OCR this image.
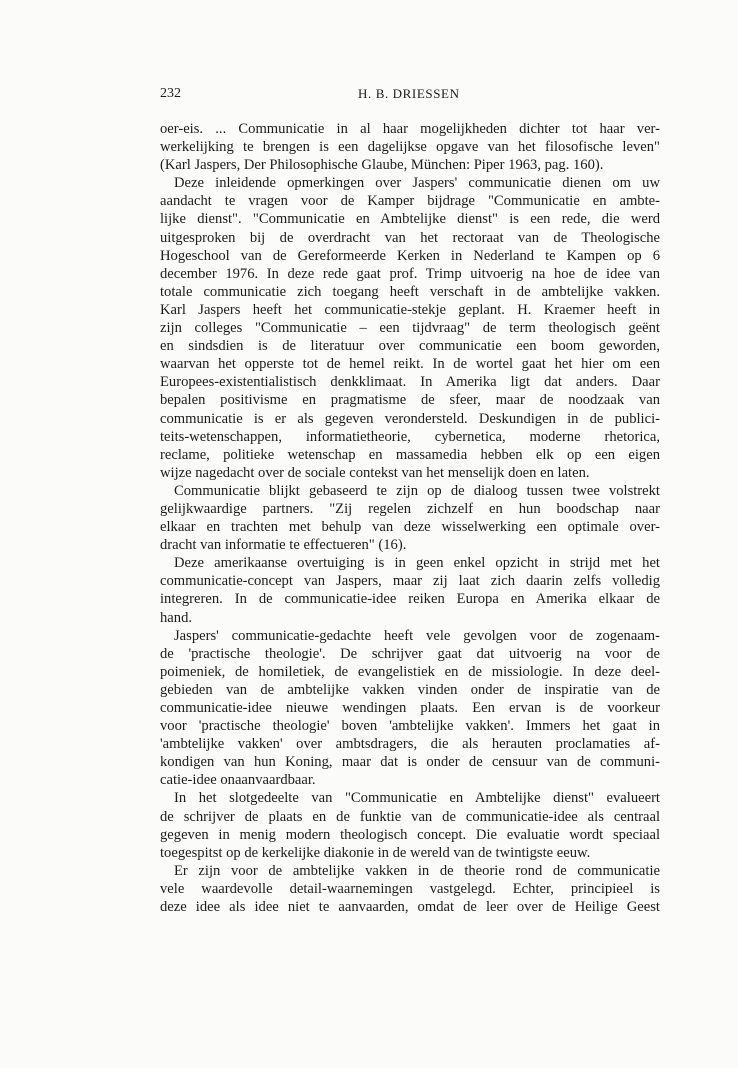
232	H. B. DRIESSEN
oer-eis. ... Communicatie in al haar mogelijkheden dichter tot haar ver-
werkelijking te brengen is een dagelijkse opgave van het filosofische leven"
(Karl Jaspers, Der Philosophische Glaube, München: Piper 1963, pag. 160).
Deze inleidende opmerkingen over Jaspers' communicatie dienen om uw
aandacht te vragen voor de Kamper bijdrage "Communicatie en ambte-
lijke dienst". "Communicatie en Ambtelijke dienst" is een rede, die werd
uitgesproken bij de overdracht van het rectoraat van de Theologische
Hogeschool van de Gereformeerde Kerken in Nederland te Kampen op 6
december 1976. In deze rede gaat prof. Trimp uitvoerig na hoe de idee van
totale communicatie zich toegang heeft verschaft in de ambtelijke vakken.
Karl Jaspers heeft het communicatie-stekje geplant. H. Kraemer heeft in
zijn colleges "Communicatie – een tijdvraag" de term theologisch geënt
en sindsdien is de literatuur over communicatie een boom geworden,
waarvan het opperste tot de hemel reikt. In de wortel gaat het hier om een
Europees-existentialistisch denkklimaat. In Amerika ligt dat anders. Daar
bepalen positivisme en pragmatisme de sfeer, maar de noodzaak van
communicatie is er als gegeven verondersteld. Deskundigen in de publici-
teits-wetenschappen, informatietheorie, cybernetica, moderne rhetorica,
reclame, politieke wetenschap en massamedia hebben elk op een eigen
wijze nagedacht over de sociale contekst van het menselijk doen en laten.
Communicatie blijkt gebaseerd te zijn op de dialoog tussen twee volstrekt
gelijkwaardige partners. "Zij regelen zichzelf en hun boodschap naar
elkaar en trachten met behulp van deze wisselwerking een optimale over-
dracht van informatie te effectueren" (16).
Deze amerikaanse overtuiging is in geen enkel opzicht in strijd met het
communicatie-concept van Jaspers, maar zij laat zich daarin zelfs volledig
integreren. In de communicatie-idee reiken Europa en Amerika elkaar de
hand.
Jaspers' communicatie-gedachte heeft vele gevolgen voor de zogenaam-
de 'practische theologie'. De schrijver gaat dat uitvoerig na voor de
poimeniek, de homiletiek, de evangelistiek en de missiologie. In deze deel-
gebieden van de ambtelijke vakken vinden onder de inspiratie van de
communicatie-idee nieuwe wendingen plaats. Een ervan is de voorkeur
voor 'practische theologie' boven 'ambtelijke vakken'. Immers het gaat in
'ambtelijke vakken' over ambtsdragers, die als herauten proclamaties af-
kondigen van hun Koning, maar dat is onder de censuur van de communi-
catie-idee onaanvaardbaar.
In het slotgedeelte van "Communicatie en Ambtelijke dienst" evalueert
de schrijver de plaats en de funktie van de communicatie-idee als centraal
gegeven in menig modern theologisch concept. Die evaluatie wordt speciaal
toegespitst op de kerkelijke diakonie in de wereld van de twintigste eeuw.
Er zijn voor de ambtelijke vakken in de theorie rond de communicatie
vele waardevolle detail-waarnemingen vastgelegd. Echter, principieel is
deze idee als idee niet te aanvaarden, omdat de leer over de Heilige Geest
